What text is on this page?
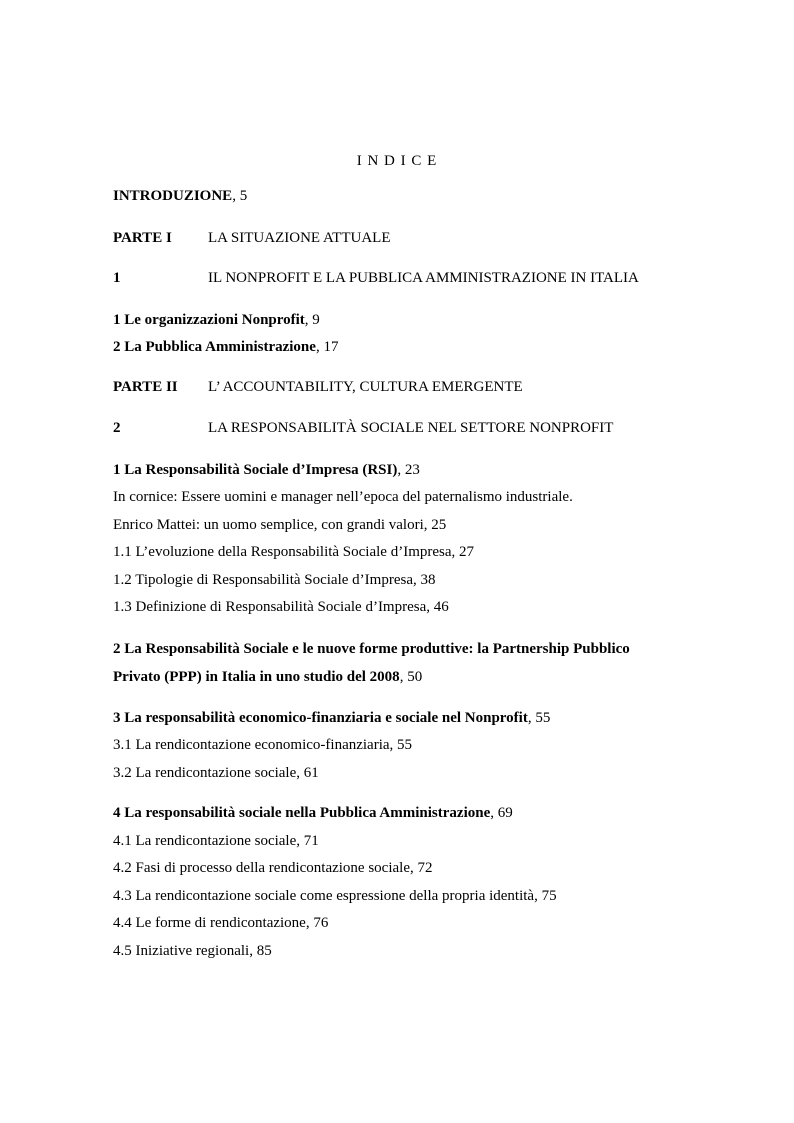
I N D I C E
INTRODUZIONE, 5
PARTE I LA SITUAZIONE ATTUALE
1	IL NONPROFIT E LA PUBBLICA AMMINISTRAZIONE IN ITALIA
1 Le organizzazioni Nonprofit, 9
2 La Pubblica Amministrazione, 17
PARTE II L’ ACCOUNTABILITY, CULTURA EMERGENTE
2	LA RESPONSABILITÀ SOCIALE NEL SETTORE NONPROFIT
1 La Responsabilità Sociale d’Impresa (RSI), 23
In cornice: Essere uomini e manager nell’epoca del paternalismo industriale.
Enrico Mattei: un uomo semplice, con grandi valori, 25
1.1 L’evoluzione della Responsabilità Sociale d’Impresa, 27
1.2 Tipologie di Responsabilità Sociale d’Impresa, 38
1.3 Definizione di Responsabilità Sociale d’Impresa, 46
2 La Responsabilità Sociale e le nuove forme produttive: la Partnership Pubblico
Privato (PPP) in Italia in uno studio del 2008, 50
3 La responsabilità economico-finanziaria e sociale nel Nonprofit, 55
3.1 La rendicontazione economico-finanziaria, 55
3.2 La rendicontazione sociale, 61
4 La responsabilità sociale nella Pubblica Amministrazione, 69
4.1 La rendicontazione sociale, 71
4.2 Fasi di processo della rendicontazione sociale, 72
4.3 La rendicontazione sociale come espressione della propria identità, 75
4.4 Le forme di rendicontazione, 76
4.5 Iniziative regionali, 85
